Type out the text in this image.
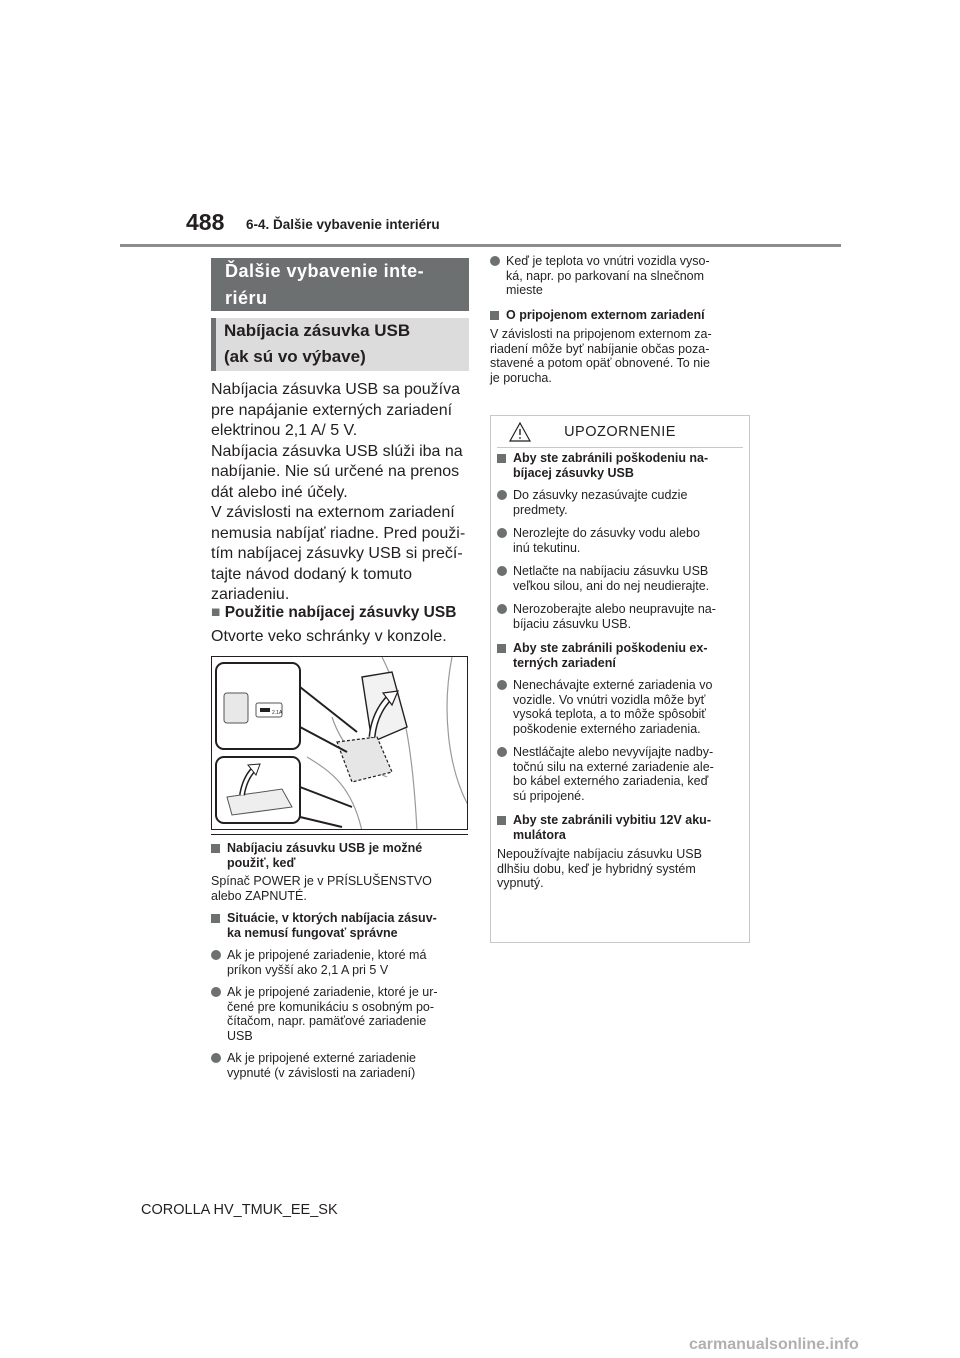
488 6-4. Ďalšie vybavenie interiéru
Ďalšie vybavenie inte-
riéru
Nabíjacia zásuvka USB
(ak sú vo výbave)

Nabíjacia zásuvka USB sa používa

pre napájanie externých zariadení

elektrinou 2,1 A/ 5 V.

Nabíjacia zásuvka USB slúži iba na

nabíjanie. Nie sú určené na prenos

dát alebo iné účely.

V závislosti na externom zariadení

nemusia nabíjať riadne. Pred použi-

tím nabíjacej zásuvky USB si prečí-

tajte návod dodaný k tomuto

zariadeniu.

■ Použitie nabíjacej zásuvky USB
Otvorte veko schránky v konzole.
2.1A
Nabíjaciu zásuvku USB je možné
použiť, keď
Spínač POWER je v PRÍSLUŠENSTVO
alebo ZAPNUTÉ.
Situácie, v ktorých nabíjacia zásuv-
ka nemusí fungovať správne
Ak je pripojené zariadenie, ktoré má
príkon vyšší ako 2,1 A pri 5 V
Ak je pripojené zariadenie, ktoré je ur-
čené pre komunikáciu s osobným po-
čítačom, napr. pamäťové zariadenie
USB
Ak je pripojené externé zariadenie
vypnuté (v závislosti na zariadení)
Keď je teplota vo vnútri vozidla vyso-
ká, napr. po parkovaní na slnečnom
mieste
O pripojenom externom zariadení
V závislosti na pripojenom externom za-
riadení môže byť nabíjanie občas poza-
stavené a potom opäť obnovené. To nie
je porucha.
UPOZORNENIE
Aby ste zabránili poškodeniu na-
bíjacej zásuvky USB
Do zásuvky nezasúvajte cudzie
predmety.
Nerozlejte do zásuvky vodu alebo
inú tekutinu.
Netlačte na nabíjaciu zásuvku USB
veľkou silou, ani do nej neudierajte.
Nerozoberajte alebo neupravujte na-
bíjaciu zásuvku USB.
Aby ste zabránili poškodeniu ex-
terných zariadení
Nenechávajte externé zariadenia vo
vozidle. Vo vnútri vozidla môže byť
vysoká teplota, a to môže spôsobiť
poškodenie externého zariadenia.
Nestláčajte alebo nevyvíjajte nadby-
točnú silu na externé zariadenie ale-
bo kábel externého zariadenia, keď
sú pripojené.
Aby ste zabránili vybitiu 12V aku-
mulátora
Nepoužívajte nabíjaciu zásuvku USB
dlhšiu dobu, keď je hybridný systém
vypnutý.
COROLLA HV_TMUK_EE_SK
carmanualsonline.info
